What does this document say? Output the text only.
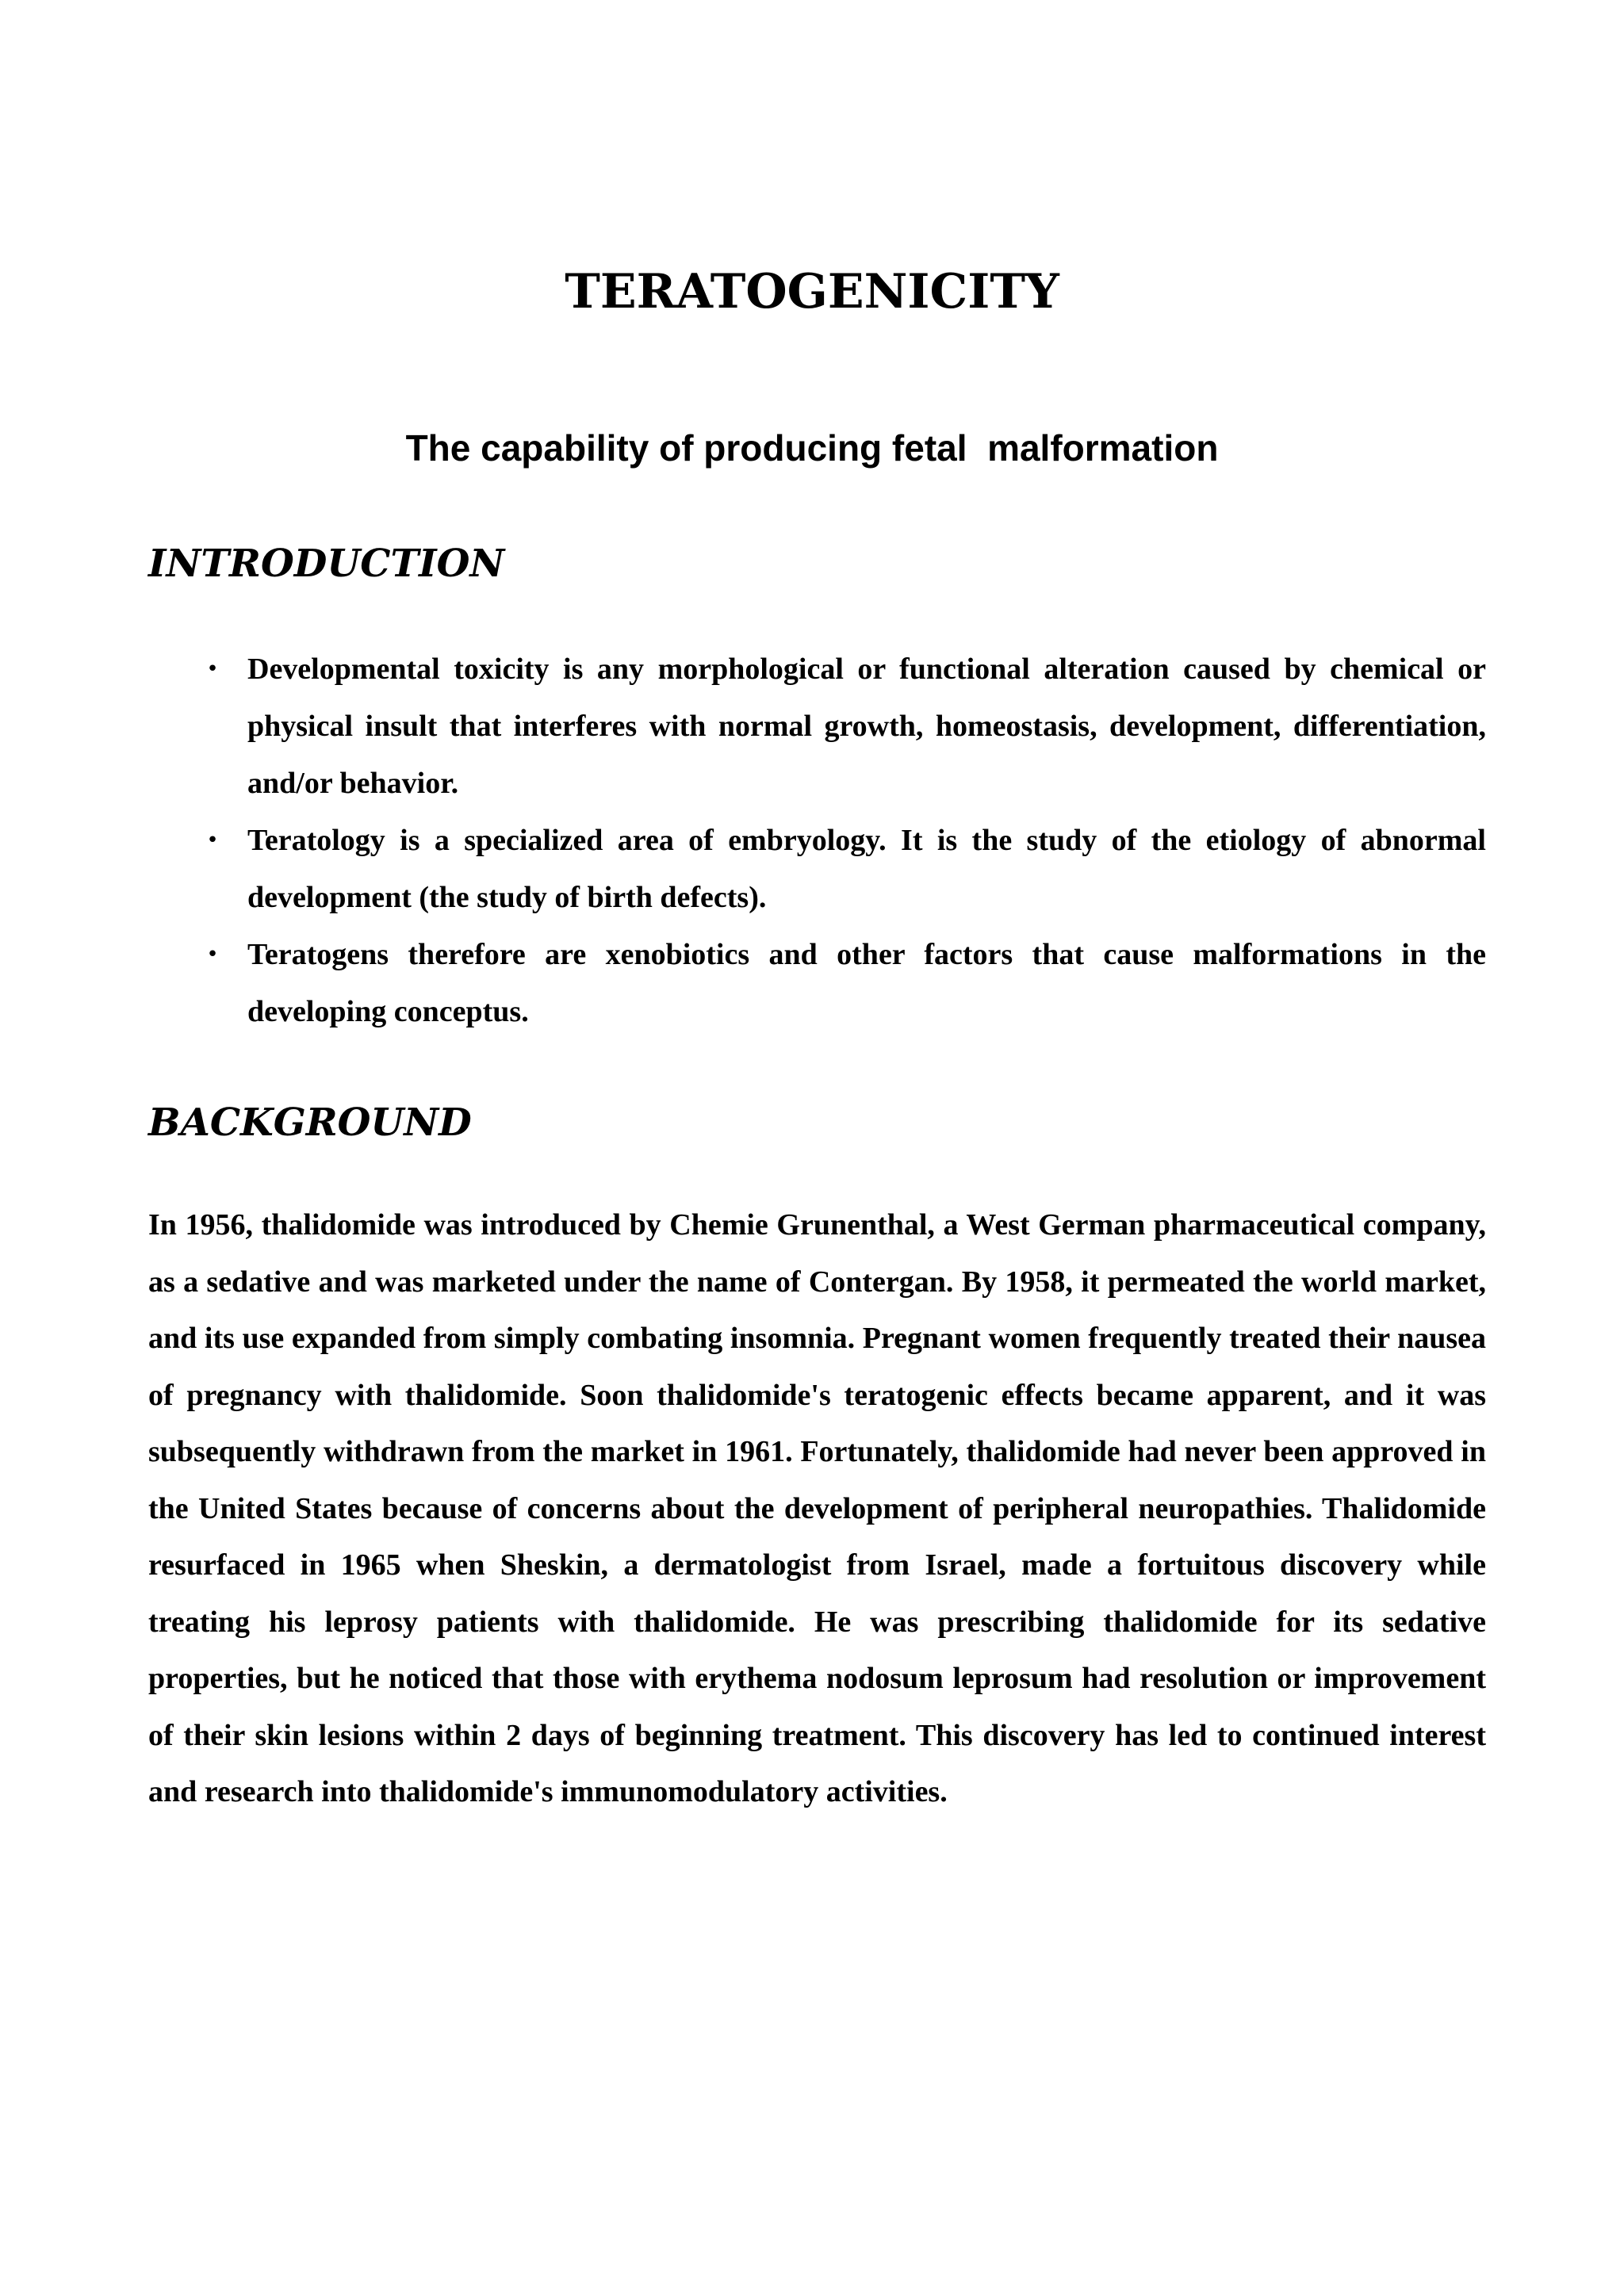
TERATOGENICITY
The capability of producing fetal  malformation
INTRODUCTION
• Developmental toxicity is any morphological or functional alteration caused by chemical or physical insult that interferes with normal growth, homeostasis, development, differentiation, and/or behavior.
• Teratology is a specialized area of embryology. It is the study of the etiology of abnormal development (the study of birth defects).
• Teratogens therefore are xenobiotics and other factors that cause malformations in the developing conceptus.
BACKGROUND

In 1956, thalidomide was introduced by Chemie Grunenthal, a West German pharmaceutical company, as a sedative and was marketed under the name of Contergan. By 1958, it permeated the world market, and its use expanded from simply combating insomnia. Pregnant women frequently treated their nausea of pregnancy with thalidomide. Soon thalidomide's teratogenic effects became apparent, and it was subsequently withdrawn from the market in 1961. Fortunately, thalidomide had never been approved in the United States because of concerns about the development of peripheral neuropathies. Thalidomide resurfaced in 1965 when Sheskin, a dermatologist from Israel, made a fortuitous discovery while treating his leprosy patients with thalidomide. He was prescribing thalidomide for its sedative properties, but he noticed that those with erythema nodosum leprosum had resolution or improvement of their skin lesions within 2 days of beginning treatment. This discovery has led to continued interest and research into thalidomide's immunomodulatory activities.
